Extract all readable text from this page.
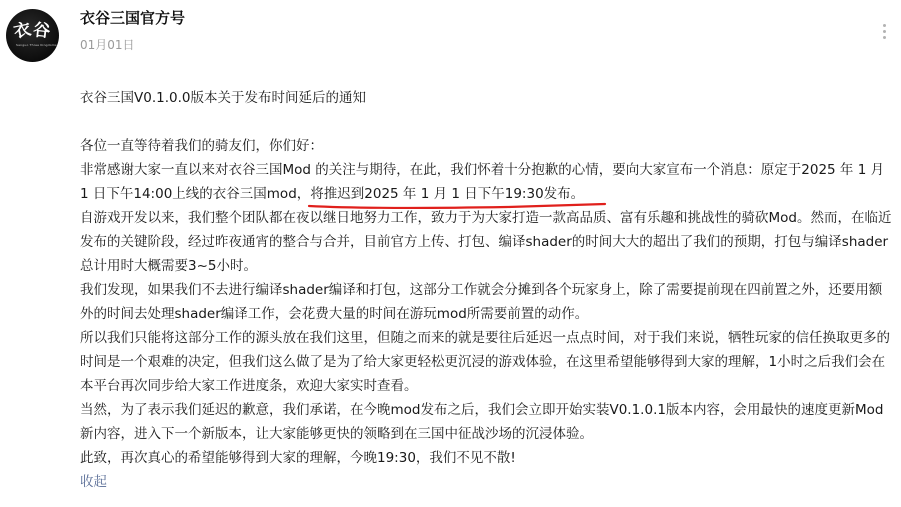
衣 谷
Sanguo Three Kingdoms
衣谷三国官方号
01月01日

衣谷三国V0.1.0.0版本关于发布时间延后的通知

各位一直等待着我们的骑友们，你们好：

非常感谢大家一直以来对衣谷三国Mod 的关注与期待，在此，我们怀着十分抱歉的心情，要向大家宣布一个消息：原定于2025 年 1 月 1 日下午14:00上线的衣谷三国mod，将推迟到2025 年 1 月 1 日下午19:30发布。

自游戏开发以来，我们整个团队都在夜以继日地努力工作，致力于为大家打造一款高品质、富有乐趣和挑战性的骑砍Mod。然而，在临近发布的关键阶段，经过昨夜通宵的整合与合并，目前官方上传、打包、编译shader的时间大大的超出了我们的预期，打包与编译shader总计用时大概需要3~5小时。

我们发现，如果我们不去进行编译shader编译和打包，这部分工作就会分摊到各个玩家身上，除了需要提前现在四前置之外，还要用额外的时间去处理shader编译工作，会花费大量的时间在游玩mod所需要前置的动作。

所以我们只能将这部分工作的源头放在我们这里，但随之而来的就是要往后延迟一点点时间，对于我们来说，牺牲玩家的信任换取更多的时间是一个艰难的决定，但我们这么做了是为了给大家更轻松更沉浸的游戏体验，在这里希望能够得到大家的理解，1小时之后我们会在本平台再次同步给大家工作进度条，欢迎大家实时查看。

当然，为了表示我们延迟的歉意，我们承诺，在今晚mod发布之后，我们会立即开始实装V0.1.0.1版本内容，会用最快的速度更新Mod新内容，进入下一个新版本，让大家能够更快的领略到在三国中征战沙场的沉浸体验。

此致，再次真心的希望能够得到大家的理解，今晚19:30，我们不见不散!

收起
